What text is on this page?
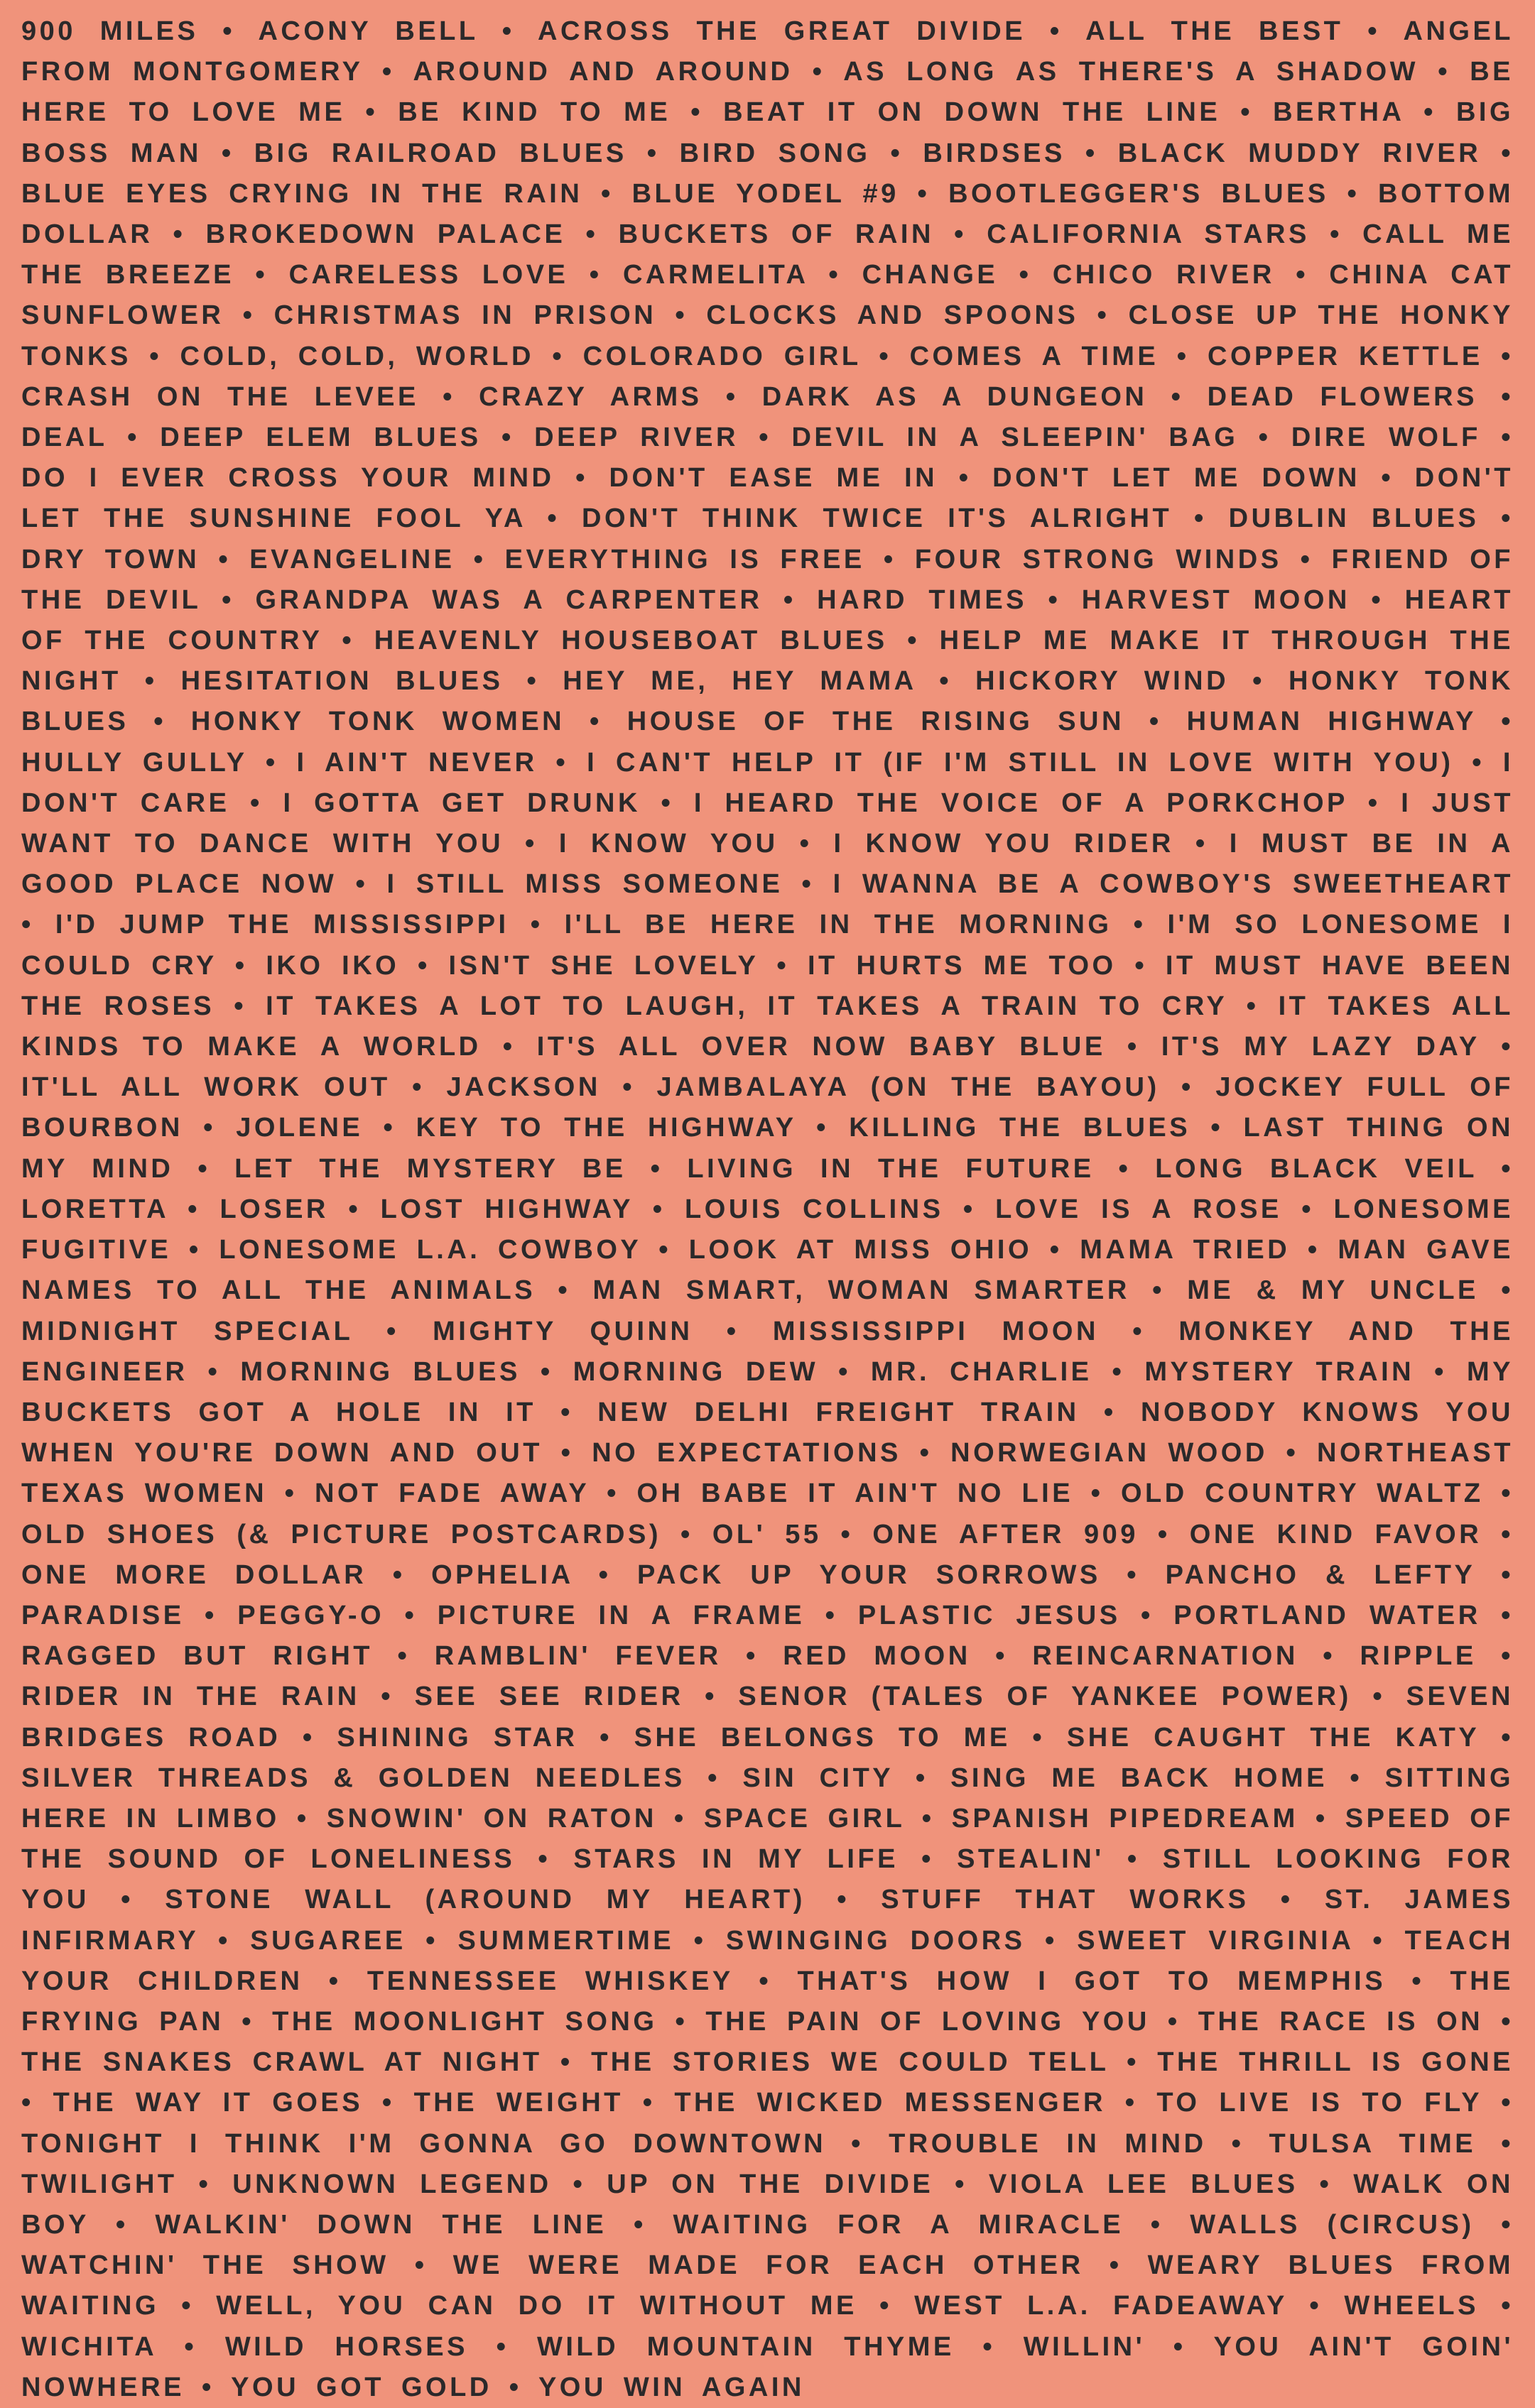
900 MILES • ACONY BELL • ACROSS THE GREAT DIVIDE • ALL THE BEST • ANGEL FROM MONTGOMERY • AROUND AND AROUND • AS LONG AS THERE'S A SHADOW • BE HERE TO LOVE ME • BE KIND TO ME • BEAT IT ON DOWN THE LINE • BERTHA • BIG BOSS MAN • BIG RAILROAD BLUES • BIRD SONG • BIRDSES • BLACK MUDDY RIVER • BLUE EYES CRYING IN THE RAIN • BLUE YODEL #9 • BOOTLEGGER'S BLUES • BOTTOM DOLLAR • BROKEDOWN PALACE • BUCKETS OF RAIN • CALIFORNIA STARS • CALL ME THE BREEZE • CARELESS LOVE • CARMELITA • CHANGE • CHICO RIVER • CHINA CAT SUNFLOWER • CHRISTMAS IN PRISON • CLOCKS AND SPOONS • CLOSE UP THE HONKY TONKS • COLD, COLD, WORLD • COLORADO GIRL • COMES A TIME • COPPER KETTLE • CRASH ON THE LEVEE • CRAZY ARMS • DARK AS A DUNGEON • DEAD FLOWERS • DEAL • DEEP ELEM BLUES • DEEP RIVER • DEVIL IN A SLEEPIN' BAG • DIRE WOLF • DO I EVER CROSS YOUR MIND • DON'T EASE ME IN • DON'T LET ME DOWN • DON'T LET THE SUNSHINE FOOL YA • DON'T THINK TWICE IT'S ALRIGHT • DUBLIN BLUES • DRY TOWN • EVANGELINE • EVERYTHING IS FREE • FOUR STRONG WINDS • FRIEND OF THE DEVIL • GRANDPA WAS A CARPENTER • HARD TIMES • HARVEST MOON • HEART OF THE COUNTRY • HEAVENLY HOUSEBOAT BLUES • HELP ME MAKE IT THROUGH THE NIGHT • HESITATION BLUES • HEY ME, HEY MAMA • HICKORY WIND • HONKY TONK BLUES • HONKY TONK WOMEN • HOUSE OF THE RISING SUN • HUMAN HIGHWAY • HULLY GULLY • I AIN'T NEVER • I CAN'T HELP IT (IF I'M STILL IN LOVE WITH YOU) • I DON'T CARE • I GOTTA GET DRUNK • I HEARD THE VOICE OF A PORKCHOP • I JUST WANT TO DANCE WITH YOU • I KNOW YOU • I KNOW YOU RIDER • I MUST BE IN A GOOD PLACE NOW • I STILL MISS SOMEONE • I WANNA BE A COWBOY'S SWEETHEART • I'D JUMP THE MISSISSIPPI • I'LL BE HERE IN THE MORNING • I'M SO LONESOME I COULD CRY • IKO IKO • ISN'T SHE LOVELY • IT HURTS ME TOO • IT MUST HAVE BEEN THE ROSES • IT TAKES A LOT TO LAUGH, IT TAKES A TRAIN TO CRY • IT TAKES ALL KINDS TO MAKE A WORLD • IT'S ALL OVER NOW BABY BLUE • IT'S MY LAZY DAY • IT'LL ALL WORK OUT • JACKSON • JAMBALAYA (ON THE BAYOU) • JOCKEY FULL OF BOURBON • JOLENE • KEY TO THE HIGHWAY • KILLING THE BLUES • LAST THING ON MY MIND • LET THE MYSTERY BE • LIVING IN THE FUTURE • LONG BLACK VEIL • LORETTA • LOSER • LOST HIGHWAY • LOUIS COLLINS • LOVE IS A ROSE • LONESOME FUGITIVE • LONESOME L.A. COWBOY • LOOK AT MISS OHIO • MAMA TRIED • MAN GAVE NAMES TO ALL THE ANIMALS • MAN SMART, WOMAN SMARTER • ME & MY UNCLE • MIDNIGHT SPECIAL • MIGHTY QUINN • MISSISSIPPI MOON • MONKEY AND THE ENGINEER • MORNING BLUES • MORNING DEW • MR. CHARLIE • MYSTERY TRAIN • MY BUCKETS GOT A HOLE IN IT • NEW DELHI FREIGHT TRAIN • NOBODY KNOWS YOU WHEN YOU'RE DOWN AND OUT • NO EXPECTATIONS • NORWEGIAN WOOD • NORTHEAST TEXAS WOMEN • NOT FADE AWAY • OH BABE IT AIN'T NO LIE • OLD COUNTRY WALTZ • OLD SHOES (& PICTURE POSTCARDS) • OL' 55 • ONE AFTER 909 • ONE KIND FAVOR • ONE MORE DOLLAR • OPHELIA • PACK UP YOUR SORROWS • PANCHO & LEFTY • PARADISE • PEGGY-O • PICTURE IN A FRAME • PLASTIC JESUS • PORTLAND WATER • RAGGED BUT RIGHT • RAMBLIN' FEVER • RED MOON • REINCARNATION • RIPPLE • RIDER IN THE RAIN • SEE SEE RIDER • SENOR (TALES OF YANKEE POWER) • SEVEN BRIDGES ROAD • SHINING STAR • SHE BELONGS TO ME • SHE CAUGHT THE KATY • SILVER THREADS & GOLDEN NEEDLES • SIN CITY • SING ME BACK HOME • SITTING HERE IN LIMBO • SNOWIN' ON RATON • SPACE GIRL • SPANISH PIPEDREAM • SPEED OF THE SOUND OF LONELINESS • STARS IN MY LIFE • STEALIN' • STILL LOOKING FOR YOU • STONE WALL (AROUND MY HEART) • STUFF THAT WORKS • ST. JAMES INFIRMARY • SUGAREE • SUMMERTIME • SWINGING DOORS • SWEET VIRGINIA • TEACH YOUR CHILDREN • TENNESSEE WHISKEY • THAT'S HOW I GOT TO MEMPHIS • THE FRYING PAN • THE MOONLIGHT SONG • THE PAIN OF LOVING YOU • THE RACE IS ON • THE SNAKES CRAWL AT NIGHT • THE STORIES WE COULD TELL • THE THRILL IS GONE • THE WAY IT GOES • THE WEIGHT • THE WICKED MESSENGER • TO LIVE IS TO FLY • TONIGHT I THINK I'M GONNA GO DOWNTOWN • TROUBLE IN MIND • TULSA TIME • TWILIGHT • UNKNOWN LEGEND • UP ON THE DIVIDE • VIOLA LEE BLUES • WALK ON BOY • WALKIN' DOWN THE LINE • WAITING FOR A MIRACLE • WALLS (CIRCUS) • WATCHIN' THE SHOW • WE WERE MADE FOR EACH OTHER • WEARY BLUES FROM WAITING • WELL, YOU CAN DO IT WITHOUT ME • WEST L.A. FADEAWAY • WHEELS • WICHITA • WILD HORSES • WILD MOUNTAIN THYME • WILLIN' • YOU AIN'T GOIN' NOWHERE • YOU GOT GOLD • YOU WIN AGAIN
